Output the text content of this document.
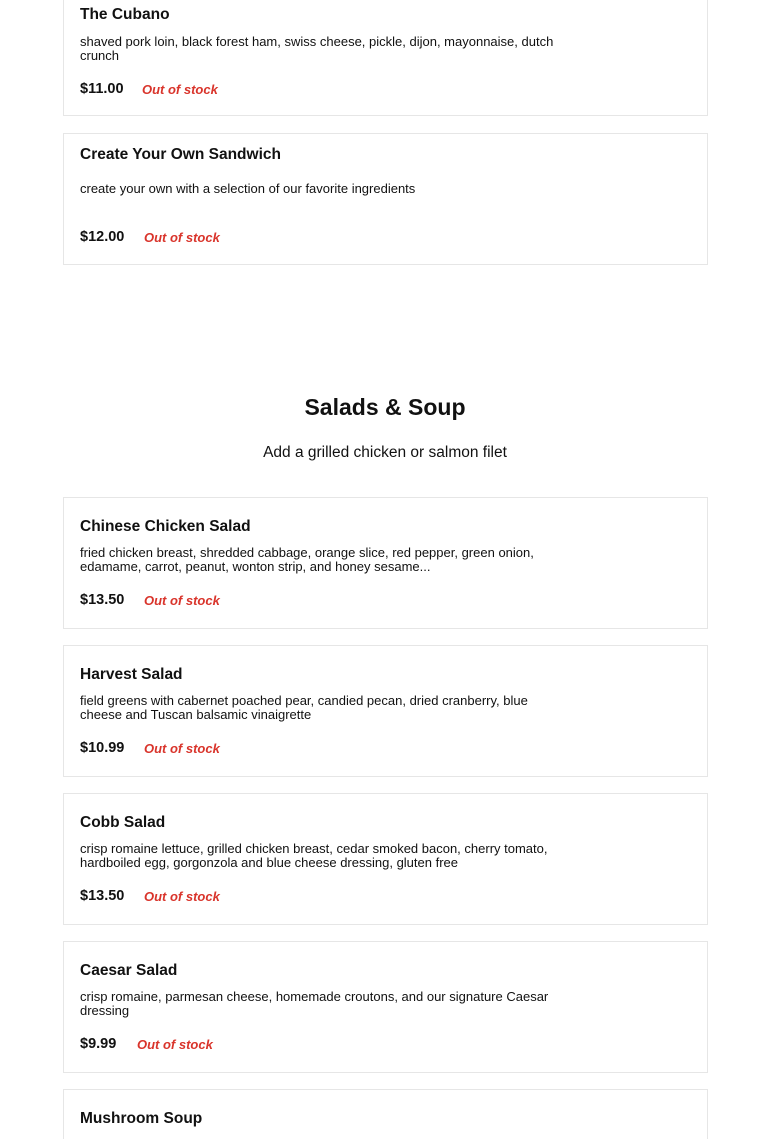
The Cubano
shaved pork loin, black forest ham, swiss cheese, pickle, dijon, mayonnaise, dutch crunch
$11.00 Out of stock
Create Your Own Sandwich
create your own with a selection of our favorite ingredients
$12.00 Out of stock
Salads & Soup
Add a grilled chicken or salmon filet
Chinese Chicken Salad
fried chicken breast, shredded cabbage, orange slice, red pepper, green onion, edamame, carrot, peanut, wonton strip, and honey sesame...
$13.50 Out of stock
Harvest Salad
field greens with cabernet poached pear, candied pecan, dried cranberry, blue cheese and Tuscan balsamic vinaigrette
$10.99 Out of stock
Cobb Salad
crisp romaine lettuce, grilled chicken breast, cedar smoked bacon, cherry tomato, hardboiled egg, gorgonzola and blue cheese dressing, gluten free
$13.50 Out of stock
Caesar Salad
crisp romaine, parmesan cheese, homemade croutons, and our signature Caesar dressing
$9.99 Out of stock
Mushroom Soup
